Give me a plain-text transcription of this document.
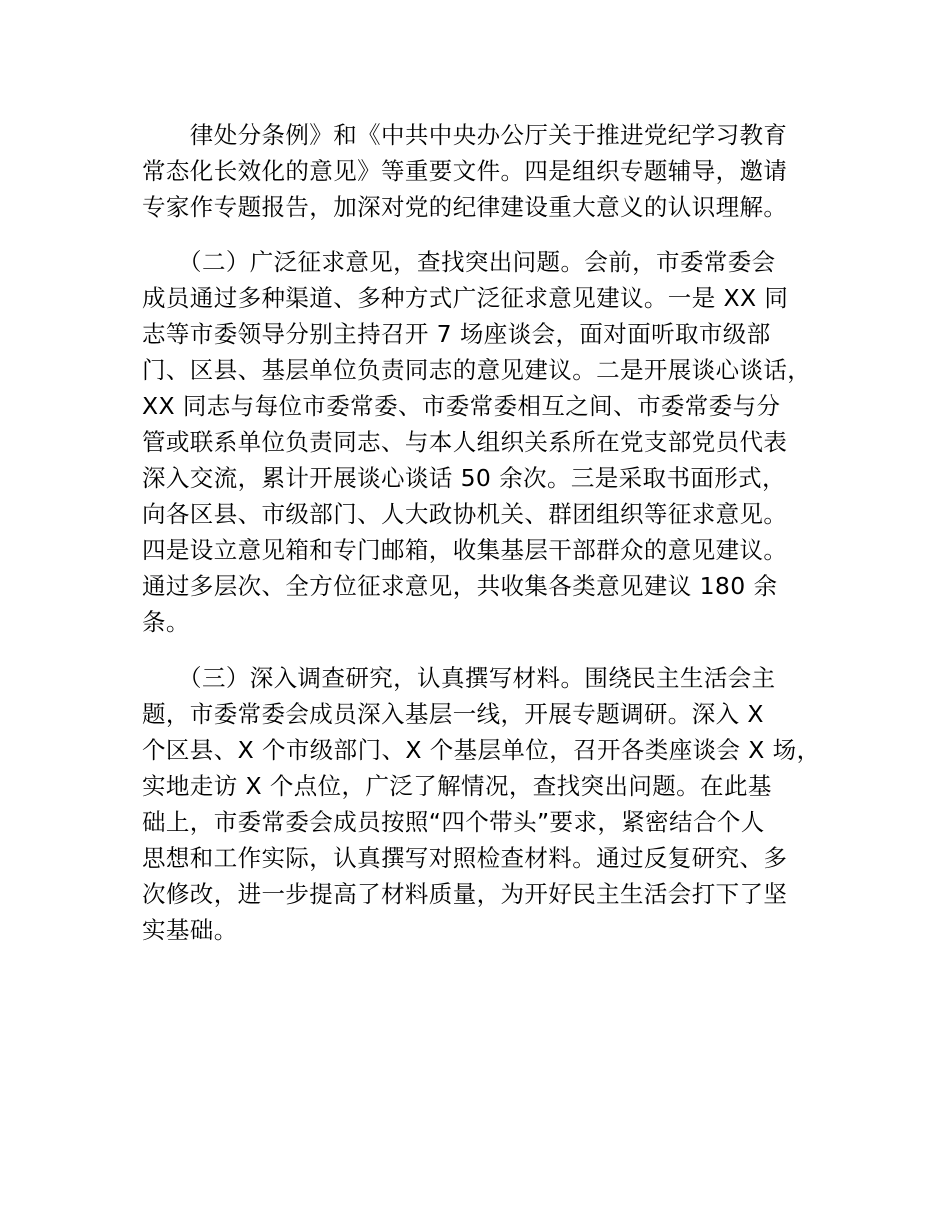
　　律处分条例》和《中共中央办公厅关于推进党纪学习教育
常态化长效化的意见》等重要文件。四是组织专题辅导，邀请
专家作专题报告，加深对党的纪律建设重大意义的认识理解。
　　（二）广泛征求意见，查找突出问题。会前，市委常委会
成员通过多种渠道、多种方式广泛征求意见建议。一是 XX 同
志等市委领导分别主持召开 7 场座谈会，面对面听取市级部
门、区县、基层单位负责同志的意见建议。二是开展谈心谈话，
XX 同志与每位市委常委、市委常委相互之间、市委常委与分
管或联系单位负责同志、与本人组织关系所在党支部党员代表
深入交流，累计开展谈心谈话 50 余次。三是采取书面形式，
向各区县、市级部门、人大政协机关、群团组织等征求意见。
四是设立意见箱和专门邮箱，收集基层干部群众的意见建议。
通过多层次、全方位征求意见，共收集各类意见建议 180 余
条。
　　（三）深入调查研究，认真撰写材料。围绕民主生活会主
题，市委常委会成员深入基层一线，开展专题调研。深入 X
个区县、X 个市级部门、X 个基层单位，召开各类座谈会 X 场，
实地走访 X 个点位，广泛了解情况，查找突出问题。在此基
础上，市委常委会成员按照“四个带头”要求，紧密结合个人
思想和工作实际，认真撰写对照检查材料。通过反复研究、多
次修改，进一步提高了材料质量，为开好民主生活会打下了坚
实基础。
